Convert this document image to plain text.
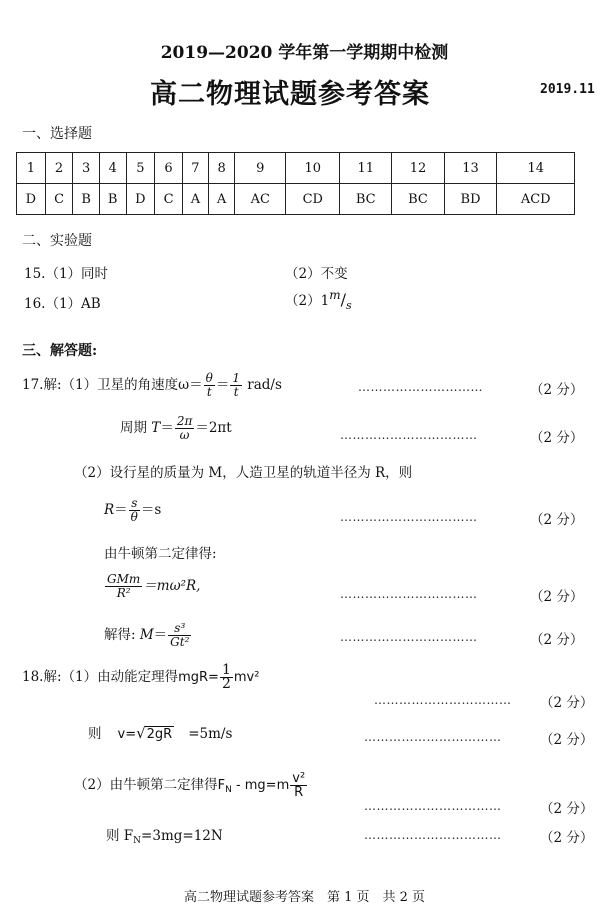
2019—2020 学年第一学期期中检测
高二物理试题参考答案	2019.11
一、选择题
1	2	3	4	5	6	7	8	9	10	11	12	13	14
D	C	B	B	D	C	A	A	AC	CD	BC	BC	BD	ACD
二、实验题
15.（1）同时	（2）不变
16.（1）AB	$(2)1m/_s$
三、解答题:
17.解:（1）卫星的角速度$\omega= \frac{\theta}{t} = \frac{1}{t} rad/s$	…………………………	（2 分）
周期 $T= \frac{2\pi}{\omega} =2\pi t$	……………………………	（2 分）
（2）设行星的质量为 M，人造卫星的轨道半径为 R，则
$R= \frac{s}{\theta} =s$	……………………………	（2 分）
由牛顿第二定律得:
$\frac{\text{GMm}}{\text{R²}} =m\omega^2R$,	……………………………	（2 分）
解得: $M= \frac{\text{s³}}{\text{Gt²}}$	……………………………	（2 分）
18.解:（1）由动能定理得$mgR= \frac{1}{2} mv^2$
…………………………… （2 分）
则 v=√2gR =5m/s	……………………………	（2 分）
（2）由牛顿第二定律得$F_N - mg=m \frac{\text{v²}}{R}$
……………………………	（2 分）
则 $F_N=3mg=12N$	……………………………	（2 分）
高二物理试题参考答案　第 1 页　共 2 页
